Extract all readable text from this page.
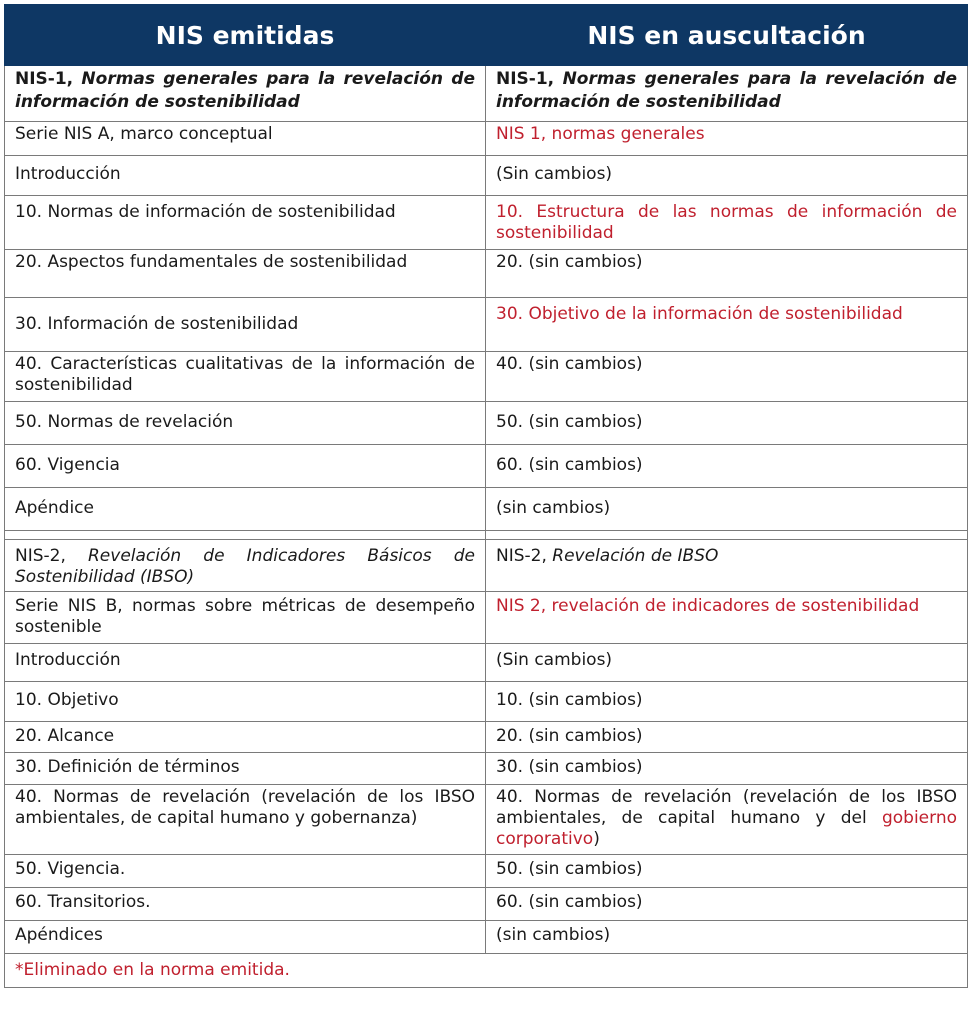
NIS emitidas	NIS en auscultación

NIS-1, Normas generales para la revelación de información de sostenibilidad	NIS-1, Normas generales para la revelación de información de sostenibilidad

Serie NIS A, marco conceptual	NIS 1, normas generales

Introducción	(Sin cambios)

10. Normas de información de sostenibilidad	10. Estructura de las normas de información de sostenibilidad

20. Aspectos fundamentales de sostenibilidad	20. (sin cambios)

30. Información de sostenibilidad	30. Objetivo de la información de sostenibilidad

40. Características cualitativas de la información de sostenibilidad	40. (sin cambios)

50. Normas de revelación	50. (sin cambios)

60. Vigencia	60. (sin cambios)

Apéndice	(sin cambios)

NIS-2, Revelación de Indicadores Básicos de Sostenibilidad (IBSO)	NIS-2, Revelación de IBSO

Serie NIS B, normas sobre métricas de desempeño sostenible	NIS 2, revelación de indicadores de sostenibilidad

Introducción	(Sin cambios)

10. Objetivo	10. (sin cambios)

20. Alcance	20. (sin cambios)

30. Definición de términos	30. (sin cambios)

40. Normas de revelación (revelación de los IBSO ambientales, de capital humano y gobernanza)	40. Normas de revelación (revelación de los IBSO ambientales, de capital humano y del gobierno corporativo)

50. Vigencia.	50. (sin cambios)

60. Transitorios.	60. (sin cambios)

Apéndices	(sin cambios)

*Eliminado en la norma emitida.	
